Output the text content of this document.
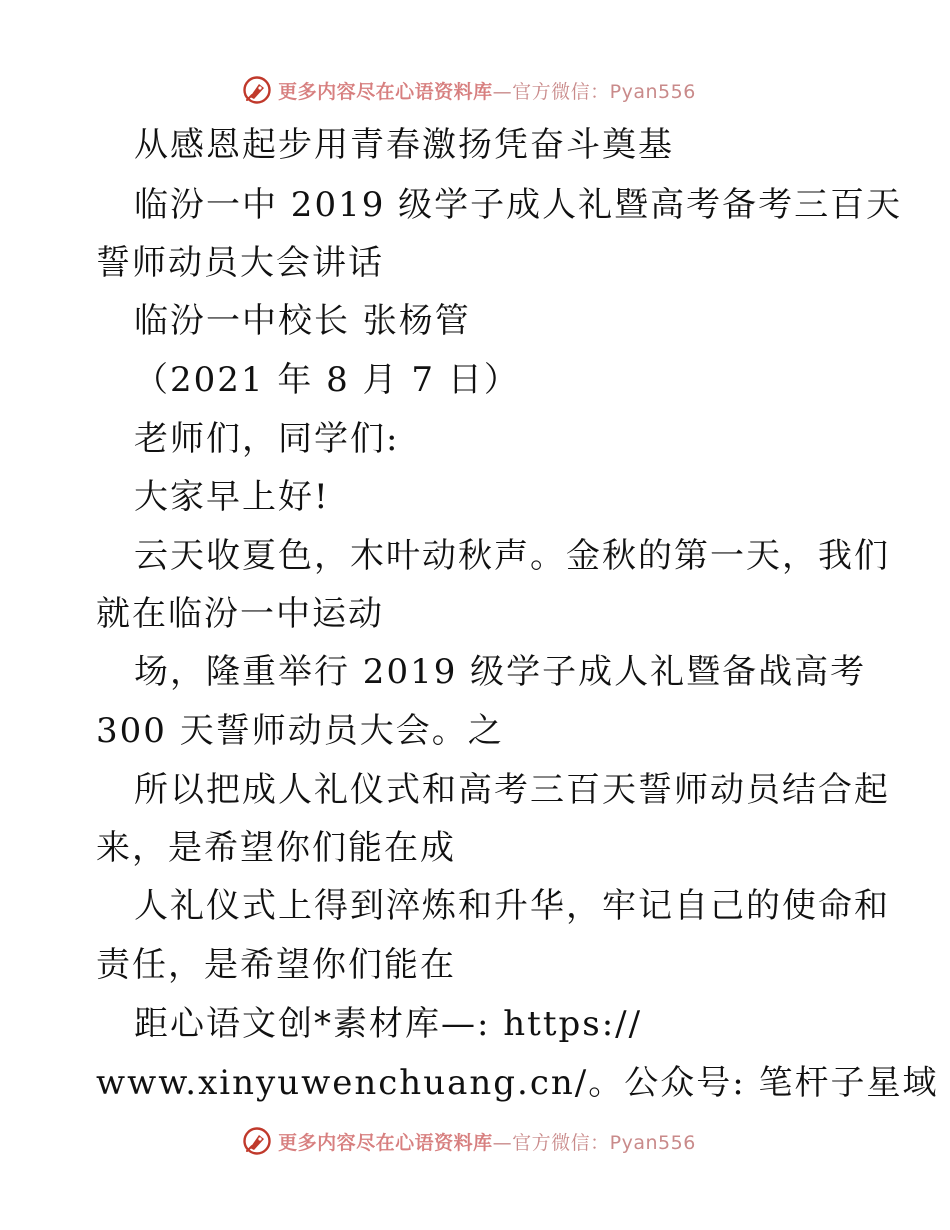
更多内容尽在心语资料库—官方微信：Pyan556
从感恩起步用青春激扬凭奋斗奠基
临汾一中 2019 级学子成人礼暨高考备考三百天
誓师动员大会讲话
临汾一中校长 张杨管
（2021 年 8 月 7 日）
老师们，同学们:
大家早上好!
云天收夏色，木叶动秋声。金秋的第一天，我们
就在临汾一中运动
场，隆重举行 2019 级学子成人礼暨备战高考
300 天誓师动员大会。之
所以把成人礼仪式和高考三百天誓师动员结合起
来，是希望你们能在成
人礼仪式上得到淬炼和升华，牢记自己的使命和
责任，是希望你们能在
距心语文创*素材库—: https://
www.xinyuwenchuang.cn/。公众号: 笔杆子星域
更多内容尽在心语资料库—官方微信：Pyan556
